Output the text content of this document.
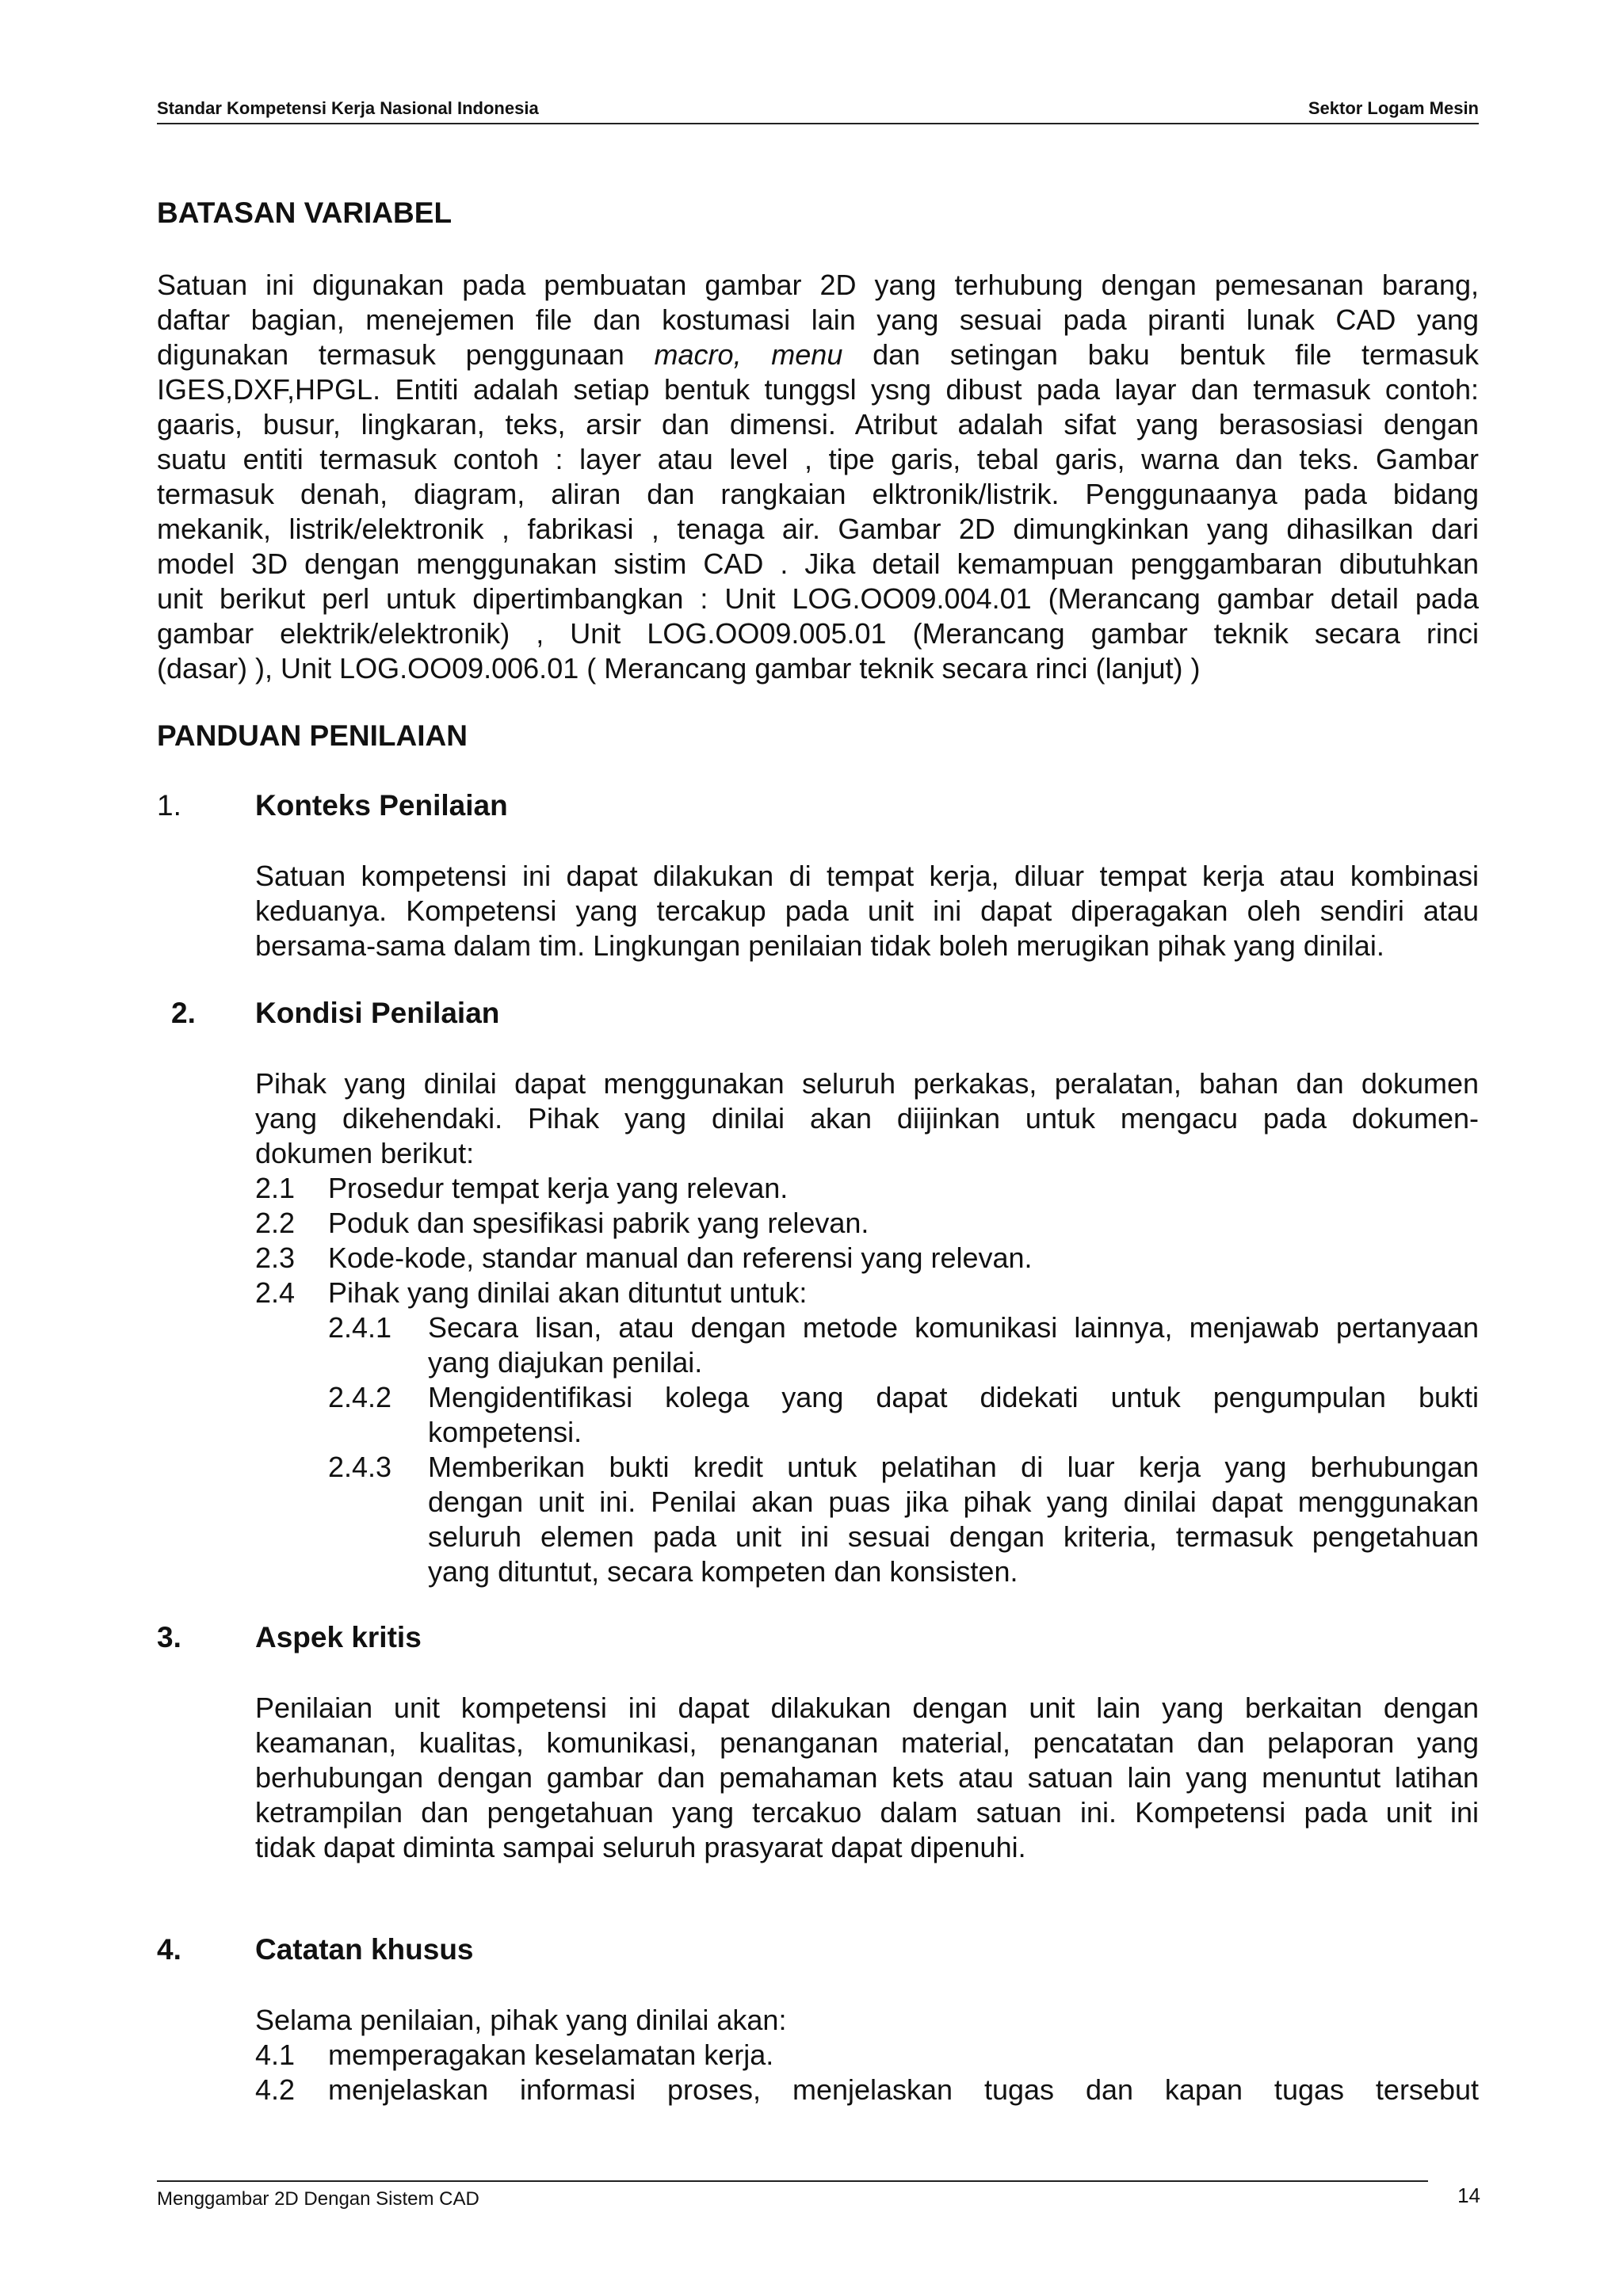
Standar Kompetensi Kerja Nasional Indonesia	Sektor Logam Mesin
BATASAN VARIABEL
Satuan ini digunakan pada pembuatan gambar 2D yang terhubung dengan pemesanan barang,
daftar bagian, menejemen file dan kostumasi lain yang sesuai pada piranti lunak CAD yang
digunakan termasuk penggunaan macro, menu dan setingan baku bentuk file termasuk
IGES,DXF,HPGL. Entiti adalah setiap bentuk tunggsl ysng dibust pada layar dan termasuk contoh:
gaaris, busur, lingkaran, teks, arsir dan dimensi. Atribut adalah sifat yang berasosiasi dengan
suatu entiti termasuk contoh : layer atau level , tipe garis, tebal garis, warna dan teks. Gambar
termasuk denah, diagram, aliran dan rangkaian elktronik/listrik. Penggunaanya pada bidang
mekanik, listrik/elektronik , fabrikasi , tenaga air. Gambar 2D dimungkinkan yang dihasilkan dari
model 3D dengan menggunakan sistim CAD . Jika detail kemampuan penggambaran dibutuhkan
unit berikut perl untuk dipertimbangkan : Unit LOG.OO09.004.01 (Merancang gambar detail pada
gambar elektrik/elektronik) , Unit LOG.OO09.005.01 (Merancang gambar teknik secara rinci
(dasar) ), Unit LOG.OO09.006.01 ( Merancang gambar teknik secara rinci (lanjut) )
PANDUAN PENILAIAN
1.	Konteks Penilaian
Satuan kompetensi ini dapat dilakukan di tempat kerja, diluar tempat kerja atau kombinasi
keduanya. Kompetensi yang tercakup pada unit ini dapat diperagakan oleh sendiri atau
bersama-sama dalam tim. Lingkungan penilaian tidak boleh merugikan pihak yang dinilai.
2. Kondisi Penilaian
Pihak yang dinilai dapat menggunakan seluruh perkakas, peralatan, bahan dan dokumen
yang dikehendaki. Pihak yang dinilai akan diijinkan untuk mengacu pada dokumen-
dokumen berikut:
2.1 Prosedur tempat kerja yang relevan.
2.2 Poduk dan spesifikasi pabrik yang relevan.
2.3 Kode-kode, standar manual dan referensi yang relevan.
2.4 Pihak yang dinilai akan dituntut untuk:
2.4.1 Secara lisan, atau dengan metode komunikasi lainnya, menjawab pertanyaan
yang diajukan penilai.
2.4.2 Mengidentifikasi kolega yang dapat didekati untuk pengumpulan bukti
kompetensi.
2.4.3 Memberikan bukti kredit untuk pelatihan di luar kerja yang berhubungan
dengan unit ini. Penilai akan puas jika pihak yang dinilai dapat menggunakan
seluruh elemen pada unit ini sesuai dengan kriteria, termasuk pengetahuan
yang dituntut, secara kompeten dan konsisten.
3.	Aspek kritis
Penilaian unit kompetensi ini dapat dilakukan dengan unit lain yang berkaitan dengan
keamanan, kualitas, komunikasi, penanganan material, pencatatan dan pelaporan yang
berhubungan dengan gambar dan pemahaman kets atau satuan lain yang menuntut latihan
ketrampilan dan pengetahuan yang tercakuo dalam satuan ini. Kompetensi pada unit ini
tidak dapat diminta sampai seluruh prasyarat dapat dipenuhi.
4.	Catatan khusus
Selama penilaian, pihak yang dinilai akan:
4.1 memperagakan keselamatan kerja.
4.2 menjelaskan informasi proses, menjelaskan tugas dan kapan tugas tersebut
Menggambar 2D Dengan Sistem CAD	14
